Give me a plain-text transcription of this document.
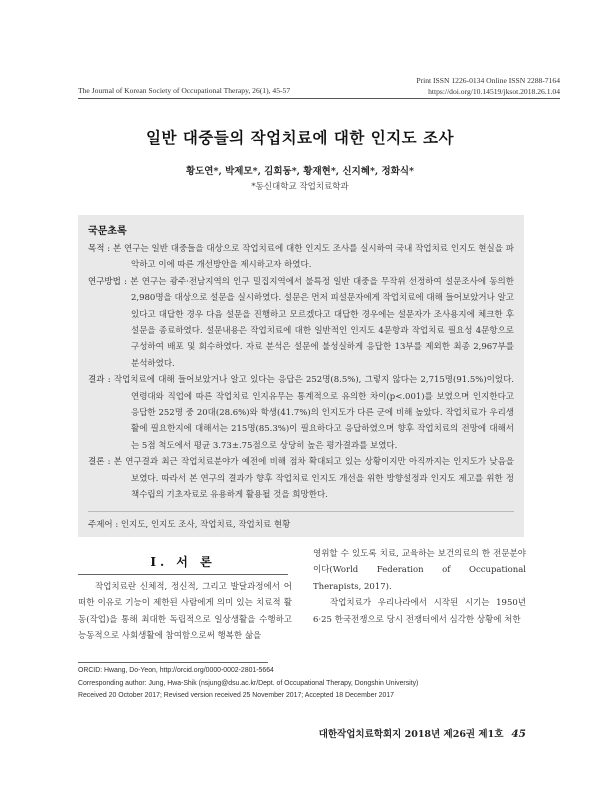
Print ISSN 1226-0134 Online ISSN 2288-7164
https://doi.org/10.14519/jksot.2018.26.1.04
The Journal of Korean Society of Occupational Therapy, 26(1), 45-57
일반 대중들의 작업치료에 대한 인지도 조사
황도연*, 박제모*, 김회동*, 황재현*, 신지혜*, 정화식*
*동신대학교 작업치료학과
국문초록

목적 : 본 연구는 일반 대중들을 대상으로 작업치료에 대한 인지도 조사를 실시하여 국내 작업치료 인지도 현실을 파악하고 이에 따른 개선방안을 제시하고자 하였다.

연구방법 : 본 연구는 광주·전남지역의 인구 밀집지역에서 불특정 일반 대중을 무작위 선정하여 설문조사에 동의한 2,980명을 대상으로 설문을 실시하였다. 설문은 먼저 피설문자에게 작업치료에 대해 들어보았거나 알고 있다고 대답한 경우 다음 설문을 진행하고 모르겠다고 대답한 경우에는 설문자가 조사용지에 체크한 후 설문을 종료하였다. 설문내용은 작업치료에 대한 일반적인 인지도 4문항과 작업치료 필요성 4문항으로 구성하여 배포 및 회수하였다. 자료 분석은 설문에 불성실하게 응답한 13부를 제외한 최종 2,967부를 분석하였다.

결과 : 작업치료에 대해 들어보았거나 알고 있다는 응답은 252명(8.5%), 그렇지 않다는 2,715명(91.5%)이었다. 연령대와 직업에 따른 작업치료 인지유무는 통계적으로 유의한 차이(p<.001)를 보였으며 인지한다고 응답한 252명 중 20대(28.6%)와 학생(41.7%)의 인지도가 다른 군에 비해 높았다. 작업치료가 우리생활에 필요한지에 대해서는 215명(85.3%)이 필요하다고 응답하였으며 향후 작업치료의 전망에 대해서는 5점 척도에서 평균 3.73±.75점으로 상당히 높은 평가결과를 보였다.

결론 : 본 연구결과 최근 작업치료분야가 예전에 비해 점차 확대되고 있는 상황이지만 아직까지는 인지도가 낮음을 보였다. 따라서 본 연구의 결과가 향후 작업치료 인지도 개선을 위한 방향설정과 인지도 제고를 위한 정책수립의 기초자료로 유용하게 활용될 것을 희망한다.

주제어 : 인지도, 인지도 조사, 작업치료, 작업치료 현황
Ⅰ. 서 론

작업치료란 신체적, 정신적, 그리고 발달과정에서 어떠한 이유로 기능이 제한된 사람에게 의미 있는 치료적 활동(작업)을 통해 최대한 독립적으로 일상생활을 수행하고 능동적으로 사회생활에 참여함으로써 행복한 삶을

영위할 수 있도록 치료, 교육하는 보건의료의 한 전문분야이다(World Federation of Occupational Therapists, 2017).

작업치료가 우리나라에서 시작된 시기는 1950년 6·25 한국전쟁으로 당시 전쟁터에서 심각한 상황에 처한

ORCID: Hwang, Do-Yeon, http://orcid.org/0000-0002-2801-5664
Corresponding author: Jung, Hwa-Shik (nsjung@dsu.ac.kr/Dept. of Occupational Therapy, Dongshin University)
Received 20 October 2017; Revised version received 25 November 2017; Accepted 18 December 2017
대한작업치료학회지 2018년 제26권 제1호 45
